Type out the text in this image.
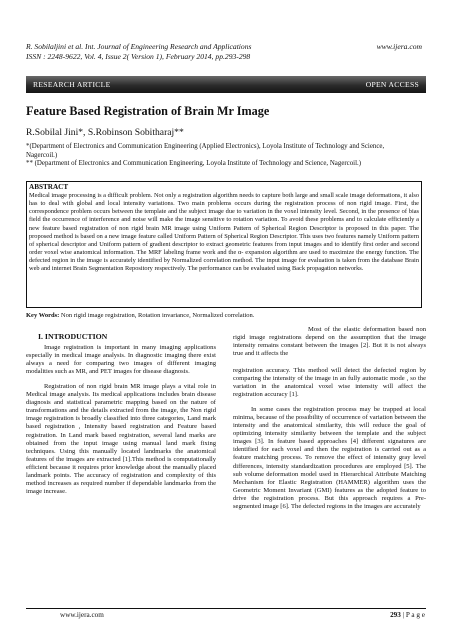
R. Sobilaljini et al. Int. Journal of Engineering Research and Applications
ISSN : 2248-9622, Vol. 4, Issue 2( Version 1), February 2014, pp.293-298
www.ijera.com
RESEARCH ARTICLE	OPEN ACCESS
Feature Based Registration of Brain Mr Image
R.Sobilal Jini*, S.Robinson Sobitharaj**
*(Department of Electronics and Communication Engineering (Applied Electronics), Loyola Institute of Technology and Science, Nagercoil.)
** (Department of Electronics and Communication Engineering, Loyola Institute of Technology and Science, Nagercoil.)
ABSTRACT
Medical image processing is a difficult problem. Not only a registration algorithm needs to capture both large and small scale image deformations, it also has to deal with global and local intensity variations. Two main problems occurs during the registration process of non rigid image. First, the correspondence problem occurs between the template and the subject image due to variation in the voxel intensity level. Second, in the presence of bias field the occurrence of interference and noise will make the image sensitive to rotation variation. To avoid these problems and to calculate efficiently a new feature based registration of non rigid brain MR image using Uniform Pattern of Spherical Region Descriptor is proposed in this paper. The proposed method is based on a new image feature called Uniform Pattern of Spherical Region Descriptor. This uses two features namely Uniform pattern of spherical descriptor and Uniform pattern of gradient descriptor to extract geometric features from input images and to identify first order and second order voxel wise anatomical information. The MRF labeling frame work and the α- expansion algorithm are used to maximize the energy function. The defected region in the image is accurately identified by Normalized correlation method. The input image for evaluation is taken from the database Brain web and internet Brain Segmentation Repository respectively. The performance can be evaluated using Back propagation networks.
Key Words: Non rigid image registration, Rotation invariance, Normalized correlation.
I. INTRODUCTION

Image registration is important in many imaging applications especially in medical image analysis. In diagnostic imaging there exist always a need for comparing two images of different imaging modalities such as MR, and PET images for disease diagnosis.

Registration of non rigid brain MR image plays a vital role in Medical image analysis. Its medical applications includes brain disease diagnosis and statistical parametric mapping based on the nature of transformations and the details extracted from the image, the Non rigid image registration is broadly classified into three categories, Land mark based registration , Intensity based registration and Feature based registration. In Land mark based registration, several land marks are obtained from the input image using manual land mark fixing techniques. Using this manually located landmarks the anatomical features of the images are extracted [1].This method is computationally efficient because it requires prior knowledge about the manually placed landmark points. The accuracy of registration and complexity of this method increases as required number if dependable landmarks from the image increase.

Most of the elastic deformation based non rigid image registrations depend on the assumption that the image intensity remains constant between the images [2]. But it is not always true and it affects the

registration accuracy. This method will detect the defected region by comparing the intensity of the image in an fully automatic mode , so the variation in the anatomical voxel wise intensity will affect the registration accuracy [1].

In some cases the registration process may be trapped at local minima, because of the possibility of occurrence of variation between the intensity and the anatomical similarity, this will reduce the goal of optimizing intensity similarity between the template and the subject images [3]. In feature based approaches [4] different signatures are identified for each voxel and then the registration is carried out as a feature matching process. To remove the effect of intensity gray level differences, intensity standardization procedures are employed [5]. The sub volume deformation model used in Hierarchical Attribute Matching Mechanism for Elastic Registration (HAMMER) algorithm uses the Geometric Moment Invariant (GMI) features as the adopted feature to drive the registration process. But this approach requires a Pre- segmented image [6]. The defected regions in the images are accurately

www.ijera.com	293 | P a g e
